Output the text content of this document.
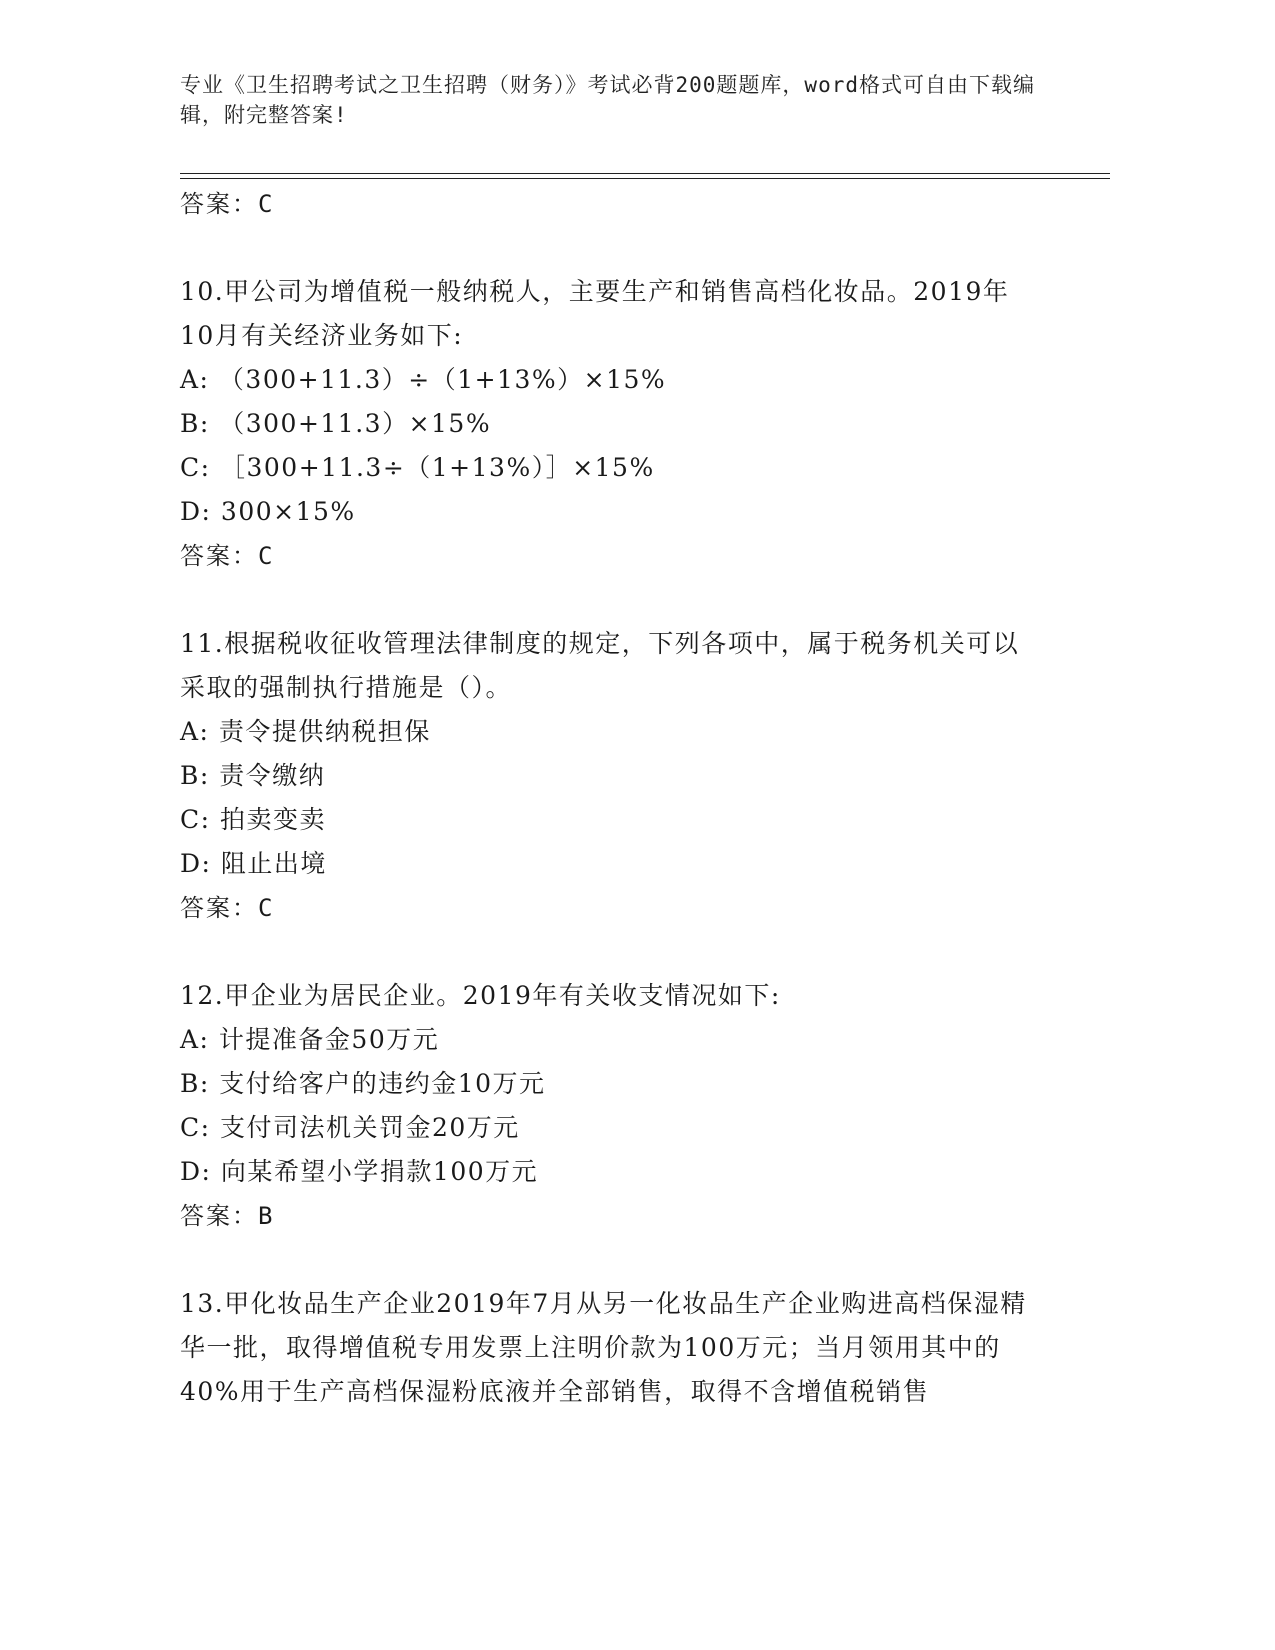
专业《卫生招聘考试之卫生招聘（财务）》考试必背200题题库，word格式可自由下载编辑，附完整答案!
答案：C

10.甲公司为增值税一般纳税人，主要生产和销售高档化妆品。2019年10月有关经济业务如下:

A: （300+11.3）÷（1+13%）×15%
B: （300+11.3）×15%
C: ［300+11.3÷（1+13%）］×15%
D: 300×15%
答案：C

11.根据税收征收管理法律制度的规定，下列各项中，属于税务机关可以采取的强制执行措施是（）。

A: 责令提供纳税担保
B: 责令缴纳
C: 拍卖变卖
D: 阻止出境
答案：C

12.甲企业为居民企业。2019年有关收支情况如下:

A: 计提准备金50万元
B: 支付给客户的违约金10万元
C: 支付司法机关罚金20万元
D: 向某希望小学捐款100万元
答案：B

13.甲化妆品生产企业2019年7月从另一化妆品生产企业购进高档保湿精华一批，取得增值税专用发票上注明价款为100万元；当月领用其中的40%用于生产高档保湿粉底液并全部销售，取得不含增值税销售
